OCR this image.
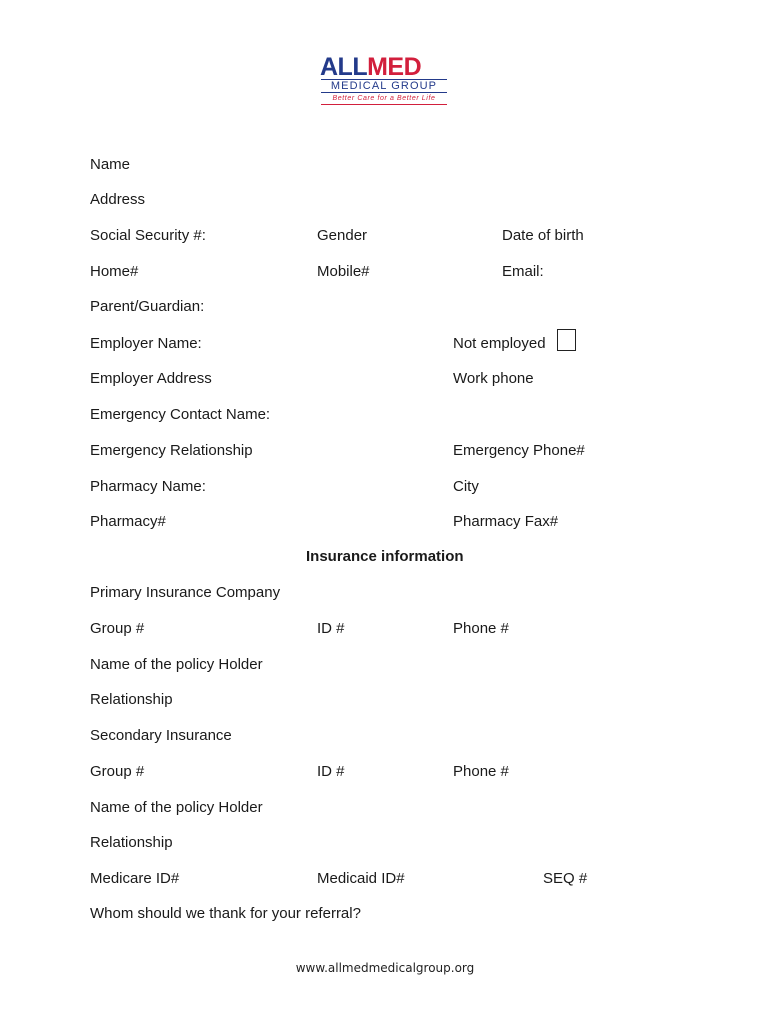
ALLMED
MEDICAL GROUP
Better Care for a Better Life
Name
Address
Social Security #:	Gender	Date of birth
Home#	Mobile#	Email:
Parent/Guardian:
Employer Name:	Not employed
Employer Address	Work phone
Emergency Contact Name:
Emergency Relationship	Emergency Phone#
Pharmacy Name:	City
Pharmacy#	Pharmacy Fax#
Insurance information
Primary Insurance Company
Group #	ID #	Phone #
Name of the policy Holder
Relationship
Secondary Insurance
Group #	ID #	Phone #
Name of the policy Holder
Relationship
Medicare ID#	Medicaid ID#	SEQ #
Whom should we thank for your referral?
www.allmedmedicalgroup.org
